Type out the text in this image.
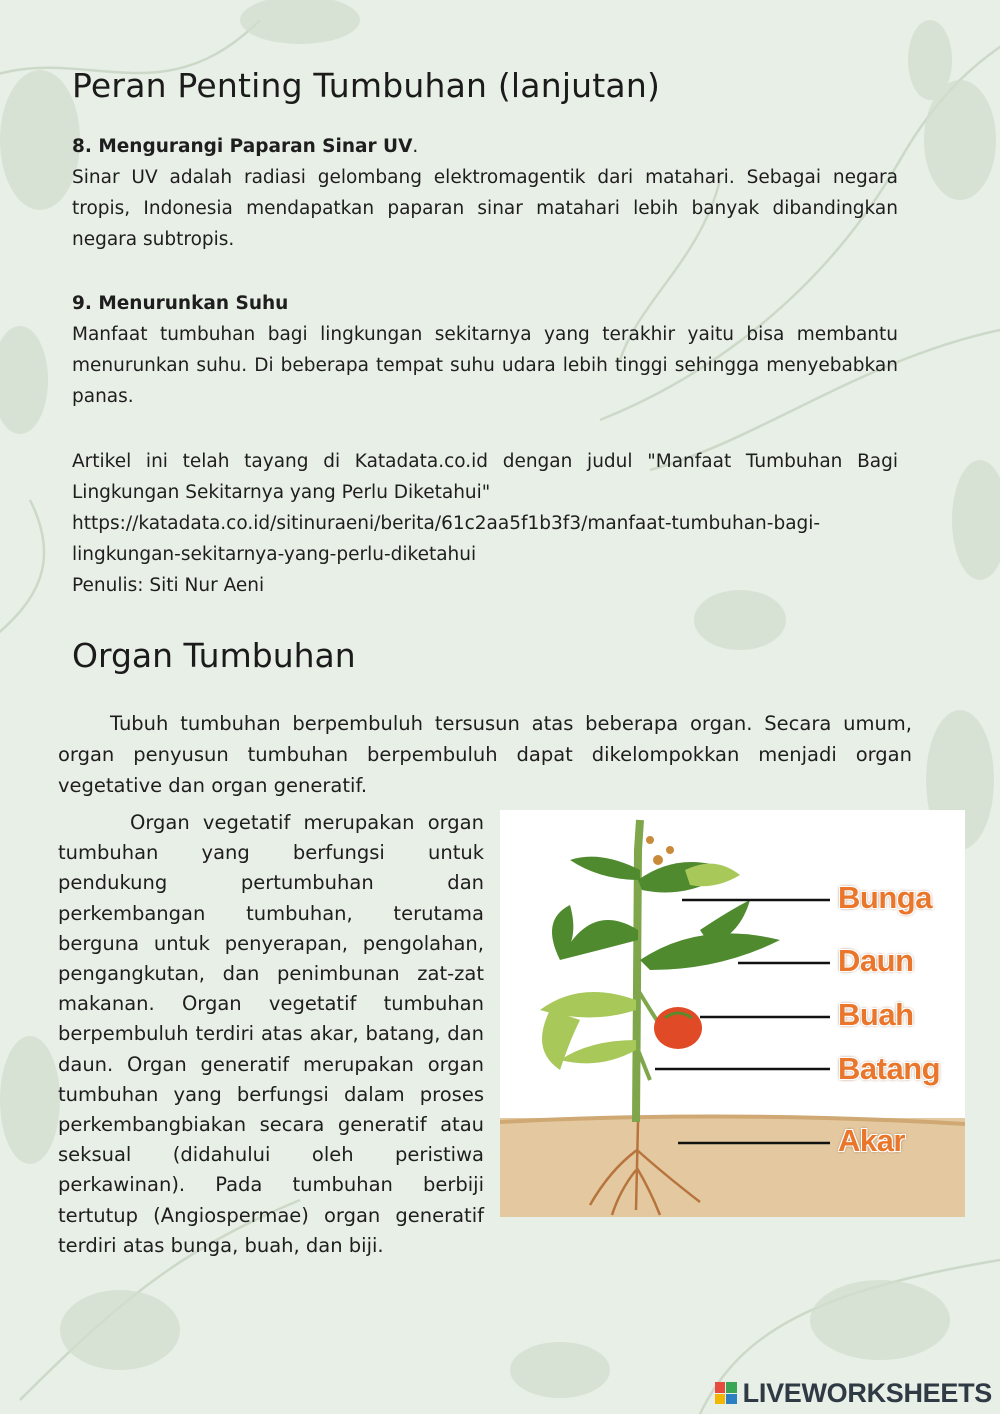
Peran Penting Tumbuhan (lanjutan)

8. Mengurangi Paparan Sinar UV.

Sinar UV adalah radiasi gelombang elektromagentik dari matahari. Sebagai negara tropis, Indonesia mendapatkan paparan sinar matahari lebih banyak dibandingkan negara subtropis.

9. Menurunkan Suhu

Manfaat tumbuhan bagi lingkungan sekitarnya yang terakhir yaitu bisa membantu menurunkan suhu. Di beberapa tempat suhu udara lebih tinggi sehingga menyebabkan panas.

Artikel ini telah tayang di Katadata.co.id dengan judul "Manfaat Tumbuhan Bagi Lingkungan Sekitarnya yang Perlu Diketahui"

https://katadata.co.id/sitinuraeni/berita/61c2aa5f1b3f3/manfaat-tumbuhan-bagi-

lingkungan-sekitarnya-yang-perlu-diketahui

Penulis: Siti Nur Aeni

Organ Tumbuhan

Tubuh tumbuhan berpembuluh tersusun atas beberapa organ. Secara umum, organ penyusun tumbuhan berpembuluh dapat dikelompokkan menjadi organ vegetative dan organ generatif.

Organ vegetatif merupakan organ tumbuhan yang berfungsi untuk pendukung pertumbuhan dan perkembangan tumbuhan, terutama berguna untuk penyerapan, pengolahan, pengangkutan, dan penimbunan zat-zat makanan. Organ vegetatif tumbuhan berpembuluh terdiri atas akar, batang, dan daun. Organ generatif merupakan organ tumbuhan yang berfungsi dalam proses perkembangbiakan secara generatif atau seksual (didahului oleh peristiwa perkawinan). Pada tumbuhan berbiji tertutup (Angiospermae) organ generatif terdiri atas bunga, buah, dan biji.

Bunga
Daun
Buah
Batang
Akar
LIVEWORKSHEETS
